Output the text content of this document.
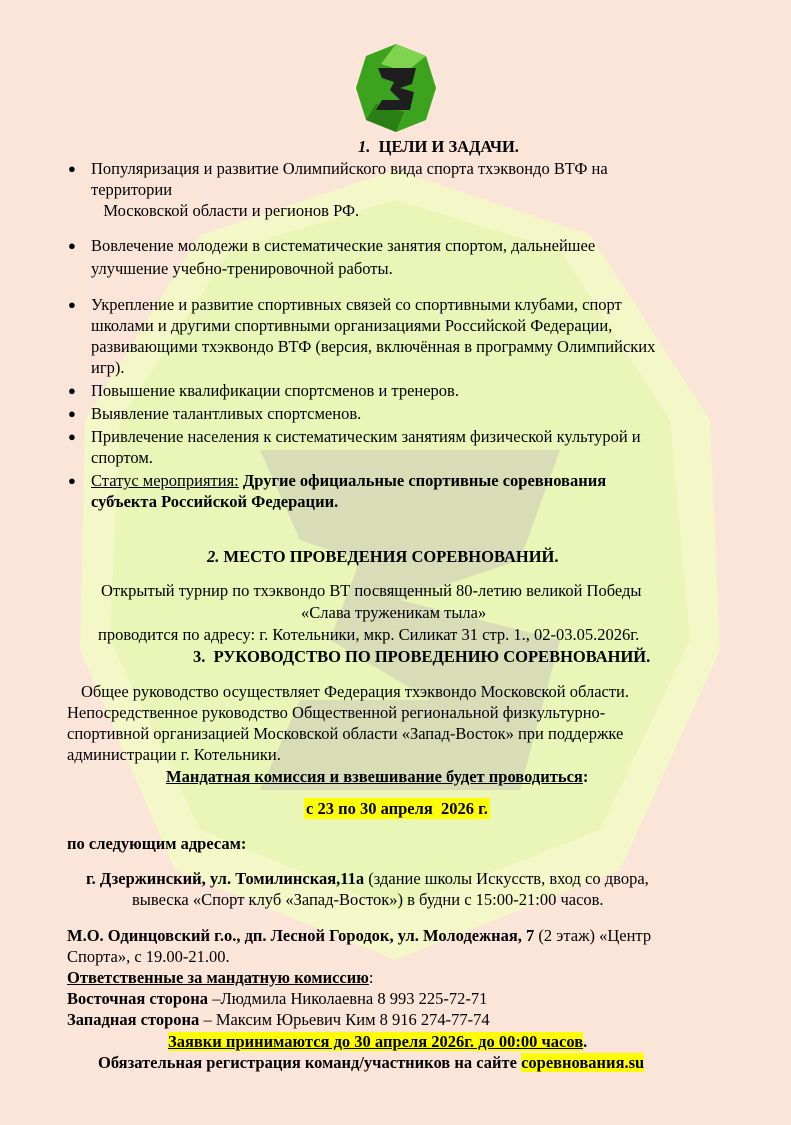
1. ЦЕЛИ И ЗАДАЧИ.
● Популяризация и развитие Олимпийского вида спорта тхэквондо ВТФ на
территории
Московской области и регионов РФ.
● Вовлечение молодежи в систематические занятия спортом, дальнейшее
улучшение учебно-тренировочной работы.
● Укрепление и развитие спортивных связей со спортивными клубами, спорт
школами и другими спортивными организациями Российской Федерации,
развивающими тхэквондо ВТФ (версия, включённая в программу Олимпийских
игр).
● Повышение квалификации спортсменов и тренеров.
● Выявление талантливых спортсменов.
● Привлечение населения к систематическим занятиям физической культурой и
спортом.
● Статус мероприятия: Другие официальные спортивные соревнования
субъекта Российской Федерации.
2. МЕСТО ПРОВЕДЕНИЯ СОРЕВНОВАНИЙ.
Открытый турнир по тхэквондо ВТ посвященный 80-летию великой Победы
«Слава труженикам тыла»
проводится по адресу: г. Котельники, мкр. Силикат 31 стр. 1., 02-03.05.2026г.
3.  РУКОВОДСТВО ПО ПРОВЕДЕНИЮ СОРЕВНОВАНИЙ.
Общее руководство осуществляет Федерация тхэквондо Московской области.
Непосредственное руководство Общественной региональной физкультурно-
спортивной организацией Московской области «Запад-Восток» при поддержке
администрации г. Котельники.
Мандатная комиссия и взвешивание будет проводиться:
с 23 по 30 апреля  2026 г.
по следующим адресам:
г. Дзержинский, ул. Томилинская,11а (здание школы Искусств, вход со двора,
вывеска «Спорт клуб «Запад-Восток») в будни с 15:00-21:00 часов.
М.О. Одинцовский г.о., дп. Лесной Городок, ул. Молодежная, 7 (2 этаж) «Центр
Спорта», с 19.00-21.00.
Ответственные за мандатную комиссию:
Восточная сторона –Людмила Николаевна 8 993 225-72-71
Западная сторона – Максим Юрьевич Ким 8 916 274-77-74
Заявки принимаются до 30 апреля 2026г. до 00:00 часов.
Обязательная регистрация команд/участников на сайте соревнования.su
